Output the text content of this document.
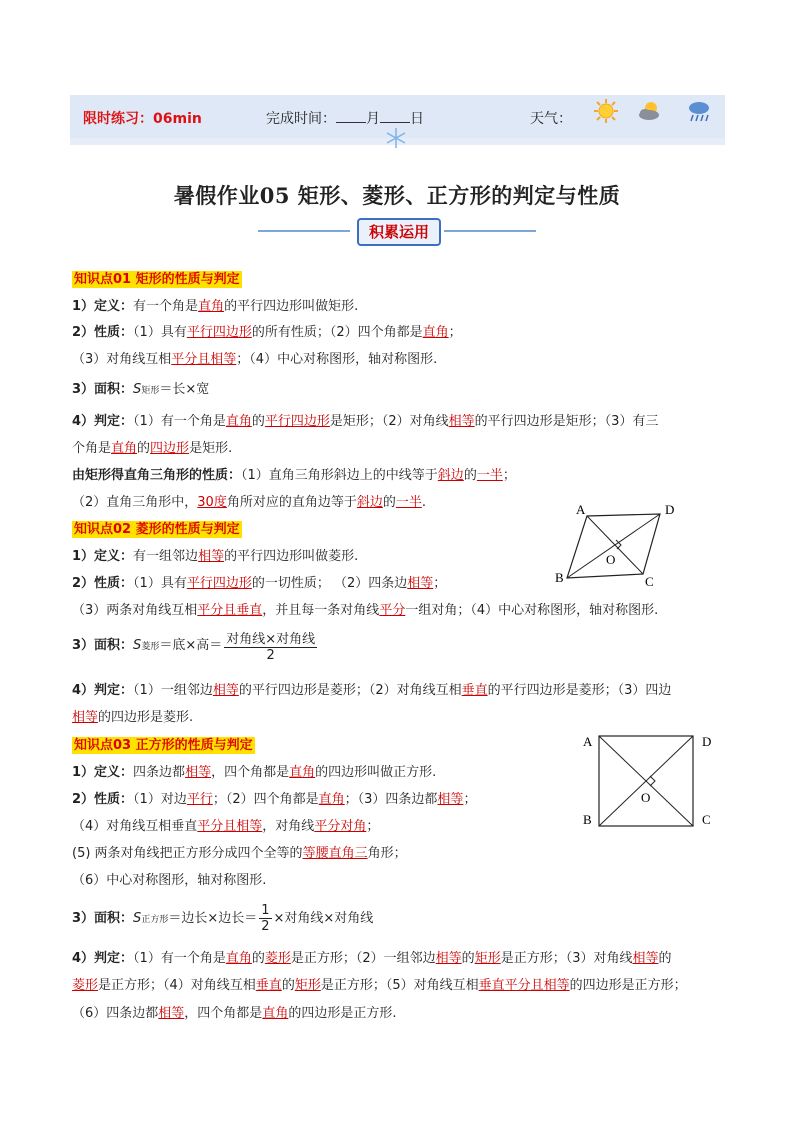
限时练习：06min	完成时间： 月 日	天气：
暑假作业05 矩形、菱形、正方形的判定与性质
积累运用
知识点01 矩形的性质与判定
1）定义：有一个角是直角的平行四边形叫做矩形.
2）性质：（1）具有平行四边形的所有性质；（2）四个角都是直角；
（3）对角线互相平分且相等；（4）中心对称图形，轴对称图形.
3）面积：S矩形＝长×宽
4）判定：（1）有一个角是直角的平行四边形是矩形；（2）对角线相等的平行四边形是矩形；（3）有三
个角是直角的四边形是矩形.
由矩形得直角三角形的性质：（1）直角三角形斜边上的中线等于斜边的一半；
（2）直角三角形中，30度角所对应的直角边等于斜边的一半.
知识点02 菱形的性质与判定
1）定义：有一组邻边相等的平行四边形叫做菱形.
2）性质：（1）具有平行四边形的一切性质； （2）四条边相等；
（3）两条对角线互相平分且垂直，并且每一条对角线平分一组对角；（4）中心对称图形，轴对称图形.
3）面积：S菱形＝底×高＝ $\frac{\text{对角线×对角线}}{2}$
4）判定：（1）一组邻边相等的平行四边形是菱形；（2）对角线互相垂直的平行四边形是菱形；（3）四边
相等的四边形是菱形.
知识点03 正方形的性质与判定
1）定义：四条边都相等，四个角都是直角的四边形叫做正方形.
2）性质：（1）对边平行；（2）四个角都是直角；（3）四条边都相等；
（4）对角线互相垂直平分且相等，对角线平分对角；
(5) 两条对角线把正方形分成四个全等的等腰直角三角形；
（6）中心对称图形，轴对称图形.
3）面积：S正方形＝边长×边长＝ $\frac{1}{2}$ ×对角线×对角线
4）判定：（1）有一个角是直角的菱形是正方形；（2）一组邻边相等的矩形是正方形；（3）对角线相等的
菱形是正方形；（4）对角线互相垂直的矩形是正方形；（5）对角线互相垂直平分且相等的四边形是正方形；
（6）四条边都相等，四个角都是直角的四边形是正方形.
A	D
O
B	C
A	D
O
B	C
